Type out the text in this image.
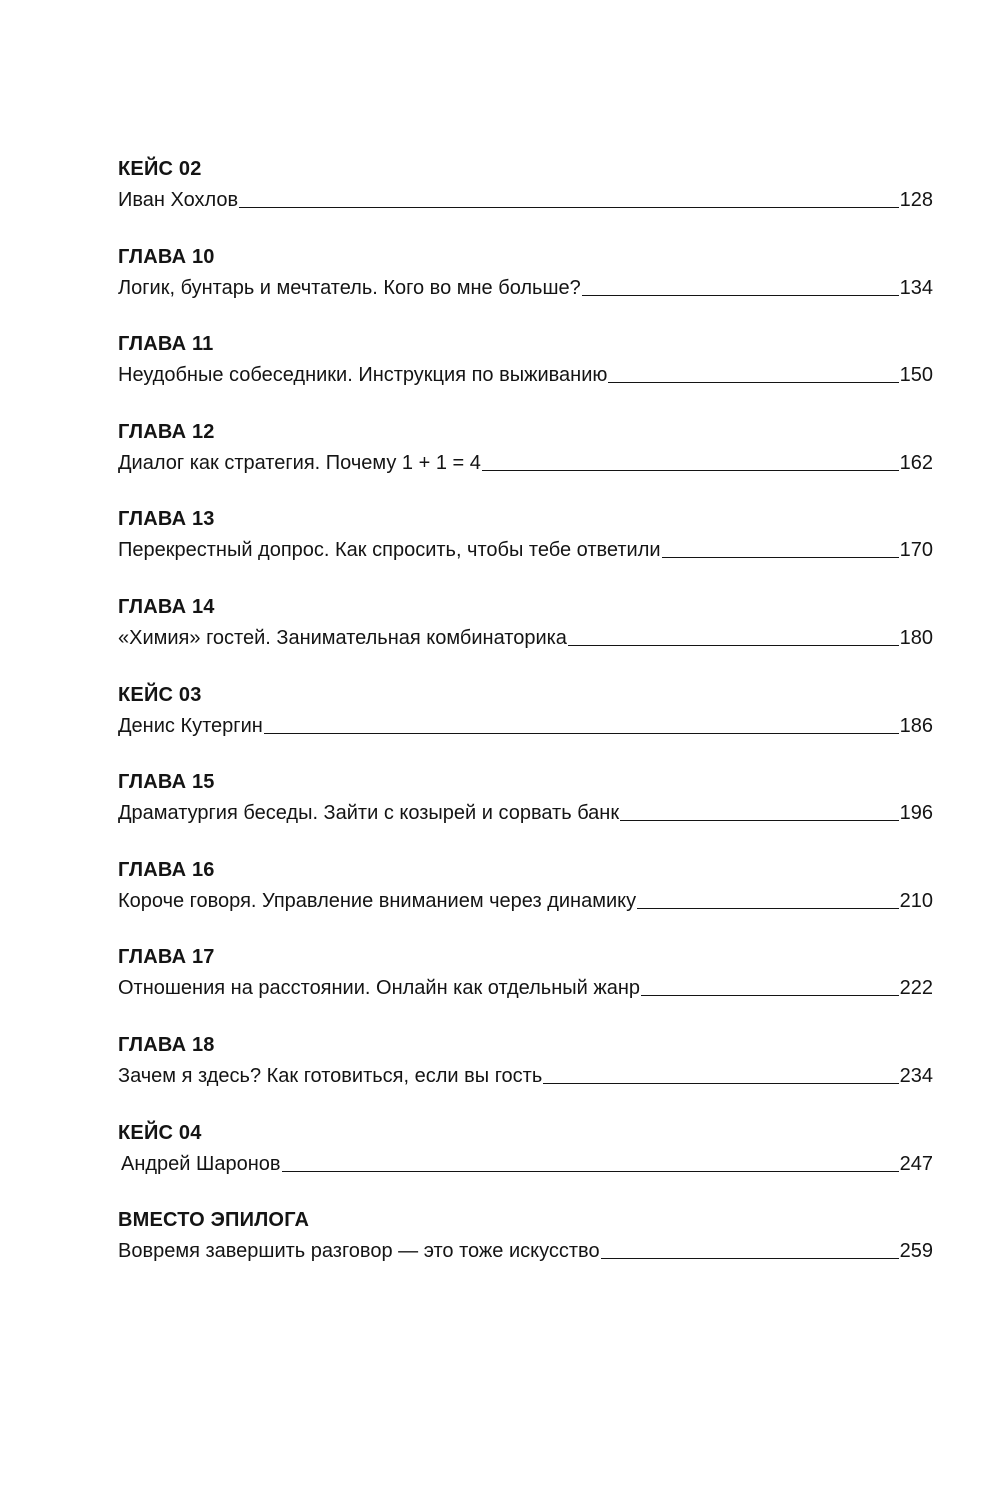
КЕЙС 02
Иван Хохлов	128
ГЛАВА 10
Логик, бунтарь и мечтатель. Кого во мне больше?	134
ГЛАВА 11
Неудобные собеседники. Инструкция по выживанию	150
ГЛАВА 12
Диалог как стратегия. Почему 1 + 1 = 4	162
ГЛАВА 13
Перекрестный допрос. Как спросить, чтобы тебе ответили	170
ГЛАВА 14
«Химия» гостей. Занимательная комбинаторика	180
КЕЙС 03
Денис Кутергин	186
ГЛАВА 15
Драматургия беседы. Зайти с козырей и сорвать банк	196
ГЛАВА 16
Короче говоря. Управление вниманием через динамику	210
ГЛАВА 17
Отношения на расстоянии. Онлайн как отдельный жанр	222
ГЛАВА 18
Зачем я здесь? Как готовиться, если вы гость	234
КЕЙС 04
Андрей Шаронов	247
ВМЕСТО ЭПИЛОГА
Вовремя завершить разговор — это тоже искусство	259
